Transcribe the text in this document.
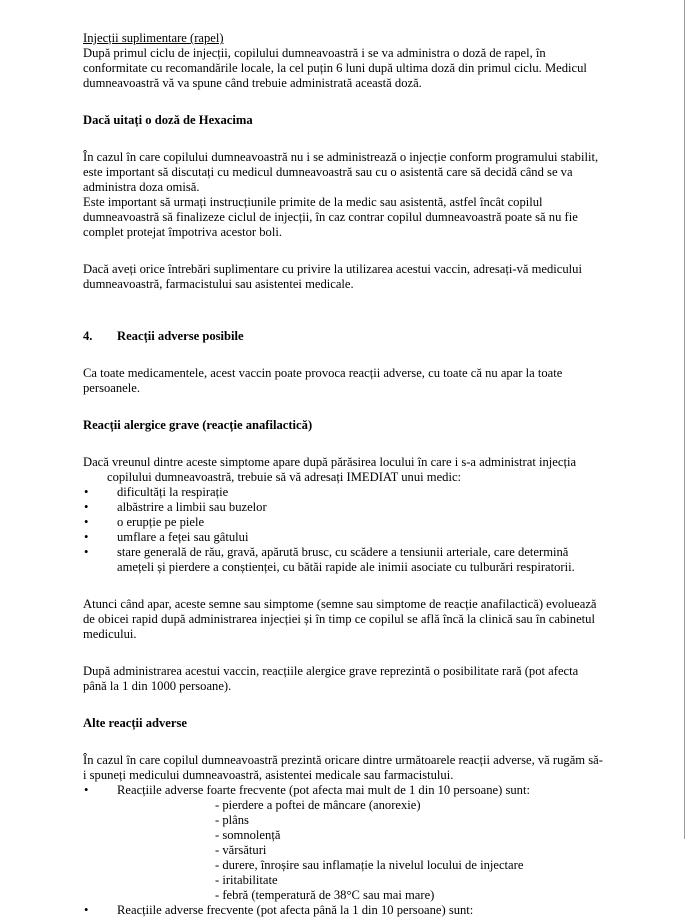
Injecții suplimentare (rapel)

După primul ciclu de injecții, copilului dumneavoastră i se va administra o doză de rapel, în conformitate cu recomandările locale, la cel puțin 6 luni după ultima doză din primul ciclu. Medicul dumneavoastră vă va spune când trebuie administrată această doză.

Dacă uitați o doză de Hexacima

În cazul în care copilului dumneavoastră nu i se administrează o injecție conform programului stabilit, este important să discutați cu medicul dumneavoastră sau cu o asistentă care să decidă când se va administra doza omisă.

Este important să urmați instrucțiunile primite de la medic sau asistentă, astfel încât copilul dumneavoastră să finalizeze ciclul de injecții, în caz contrar copilul dumneavoastră poate să nu fie complet protejat împotriva acestor boli.

Dacă aveți orice întrebări suplimentare cu privire la utilizarea acestui vaccin, adresați-vă medicului dumneavoastră, farmacistului sau asistentei medicale.

4.	Reacții adverse posibile

Ca toate medicamentele, acest vaccin poate provoca reacții adverse, cu toate că nu apar la toate persoanele.

Reacții alergice grave (reacție anafilactică)

Dacă vreunul dintre aceste simptome apare după părăsirea locului în care i s-a administrat injecția copilului dumneavoastră, trebuie să vă adresați IMEDIAT unui medic:

• dificultăți la respirație
• albăstrire a limbii sau buzelor
• o erupție pe piele
• umflare a feței sau gâtului
• stare generală de rău, gravă, apărută brusc, cu scădere a tensiunii arteriale, care determină amețeli și pierdere a conștienței, cu bătăi rapide ale inimii asociate cu tulburări respiratorii.

Atunci când apar, aceste semne sau simptome (semne sau simptome de reacție anafilactică) evoluează de obicei rapid după administrarea injecției și în timp ce copilul se află încă la clinică sau în cabinetul medicului.

După administrarea acestui vaccin, reacțiile alergice grave reprezintă o posibilitate rară (pot afecta până la 1 din 1000 persoane).

Alte reacții adverse

În cazul în care copilul dumneavoastră prezintă oricare dintre următoarele reacții adverse, vă rugăm să-i spuneți medicului dumneavoastră, asistentei medicale sau farmacistului.

• Reacțiile adverse foarte frecvente (pot afecta mai mult de 1 din 10 persoane) sunt:
- pierdere a poftei de mâncare (anorexie)
- plâns
- somnolență
- vărsături
- durere, înroșire sau inflamație la nivelul locului de injectare
- iritabilitate
- febră (temperatură de 38°C sau mai mare)
• Reacțiile adverse frecvente (pot afecta până la 1 din 10 persoane) sunt:
